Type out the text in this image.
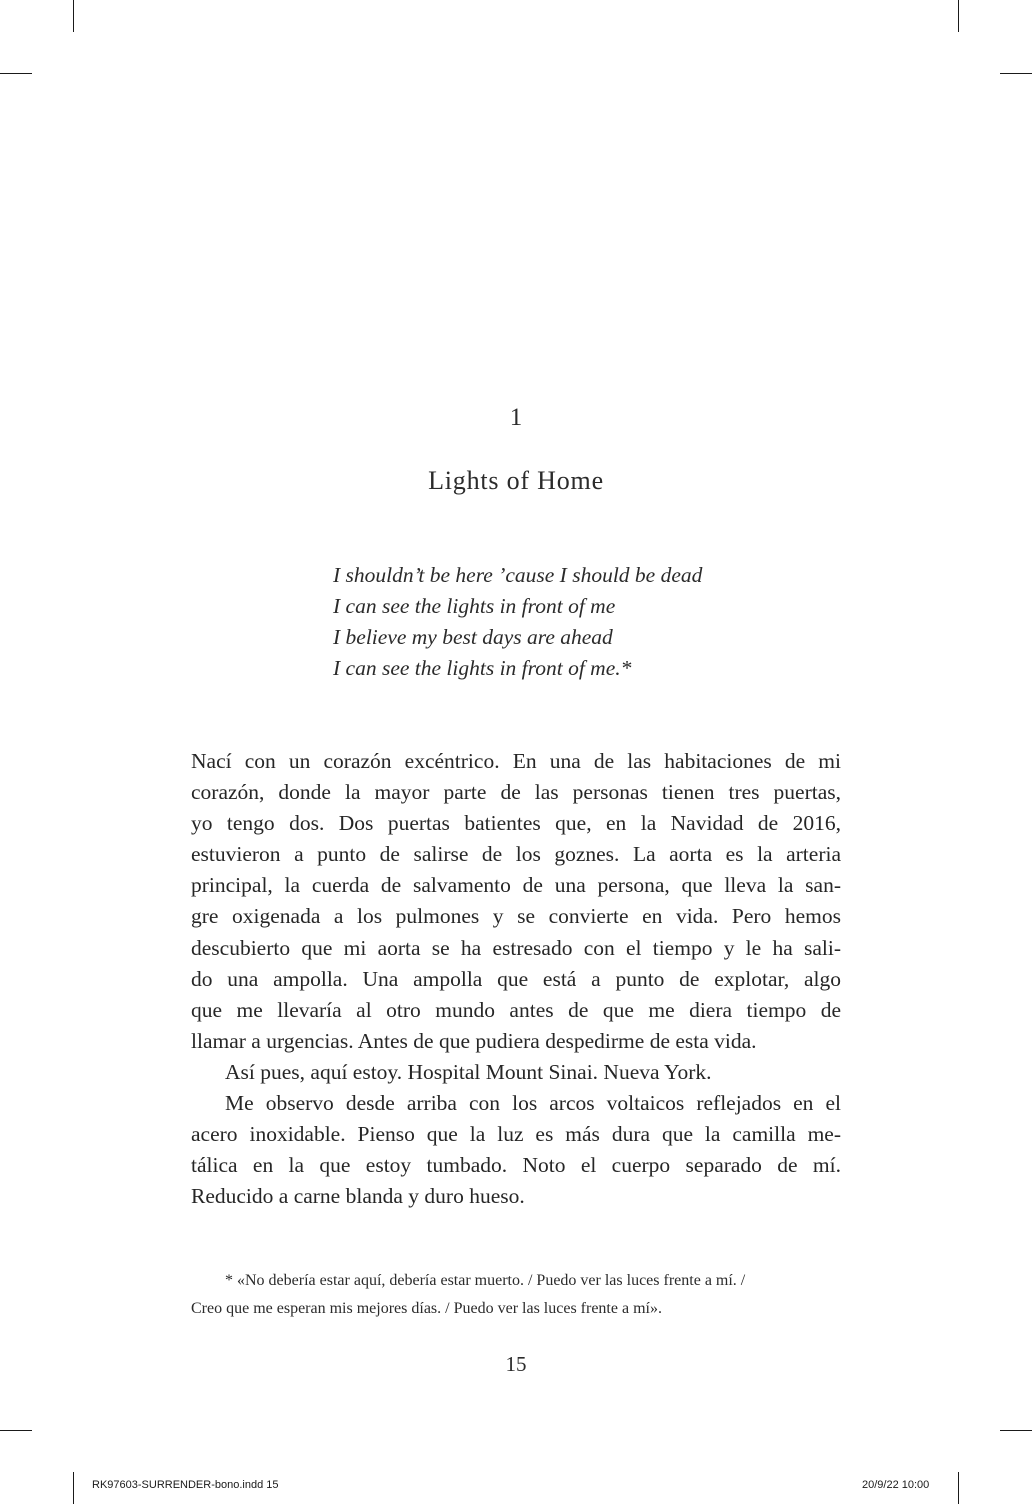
1
Lights of Home
I shouldn’t be here ’cause I should be dead
I can see the lights in front of me
I believe my best days are ahead
I can see the lights in front of me.*
Nací con un corazón excéntrico. En una de las habitaciones de mi
corazón, donde la mayor parte de las personas tienen tres puertas,
yo tengo dos. Dos puertas batientes que, en la Navidad de 2016,
estuvieron a punto de salirse de los goznes. La aorta es la arteria
principal, la cuerda de salvamento de una persona, que lleva la san-
gre oxigenada a los pulmones y se convierte en vida. Pero hemos
descubierto que mi aorta se ha estresado con el tiempo y le ha sali-
do una ampolla. Una ampolla que está a punto de explotar, algo
que me llevaría al otro mundo antes de que me diera tiempo de
llamar a urgencias. Antes de que pudiera despedirme de esta vida.
Así pues, aquí estoy. Hospital Mount Sinai. Nueva York.
Me observo desde arriba con los arcos voltaicos reflejados en el
acero inoxidable. Pienso que la luz es más dura que la camilla me-
tálica en la que estoy tumbado. Noto el cuerpo separado de mí.
Reducido a carne blanda y duro hueso.
* «No debería estar aquí, debería estar muerto. / Puedo ver las luces frente a mí. /
Creo que me esperan mis mejores días. / Puedo ver las luces frente a mí».
15
RK97603-SURRENDER-bono.indd 15	20/9/22 10:00
